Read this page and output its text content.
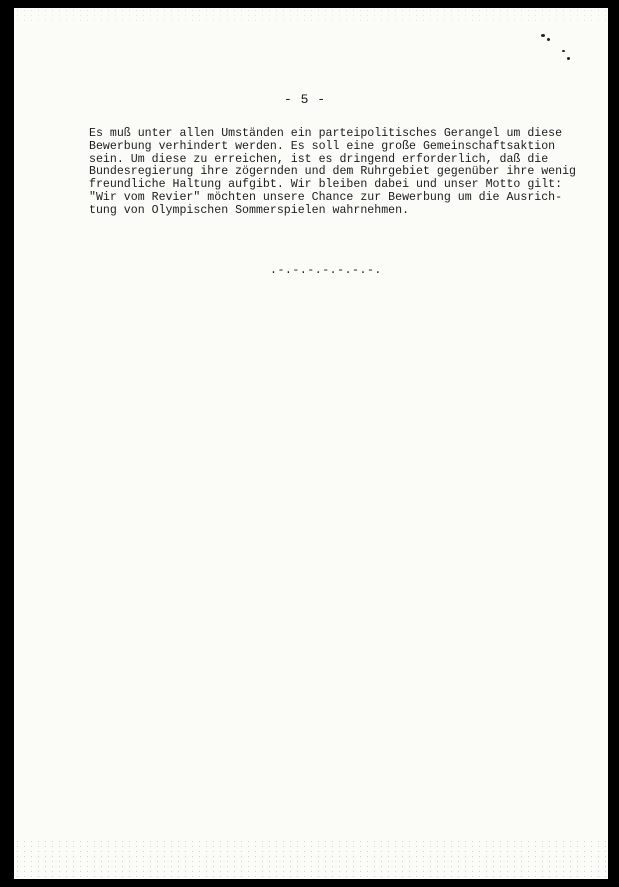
- 5 -
Es muß unter allen Umständen ein parteipolitisches Gerangel um diese
Bewerbung verhindert werden. Es soll eine große Gemeinschaftsaktion
sein. Um diese zu erreichen, ist es dringend erforderlich, daß die
Bundesregierung ihre zögernden und dem Ruhrgebiet gegenüber ihre wenig
freundliche Haltung aufgibt. Wir bleiben dabei und unser Motto gilt:
"Wir vom Revier" möchten unsere Chance zur Bewerbung um die Ausrich-
tung von Olympischen Sommerspielen wahrnehmen.
.-.-.-.-.-.-.-.
